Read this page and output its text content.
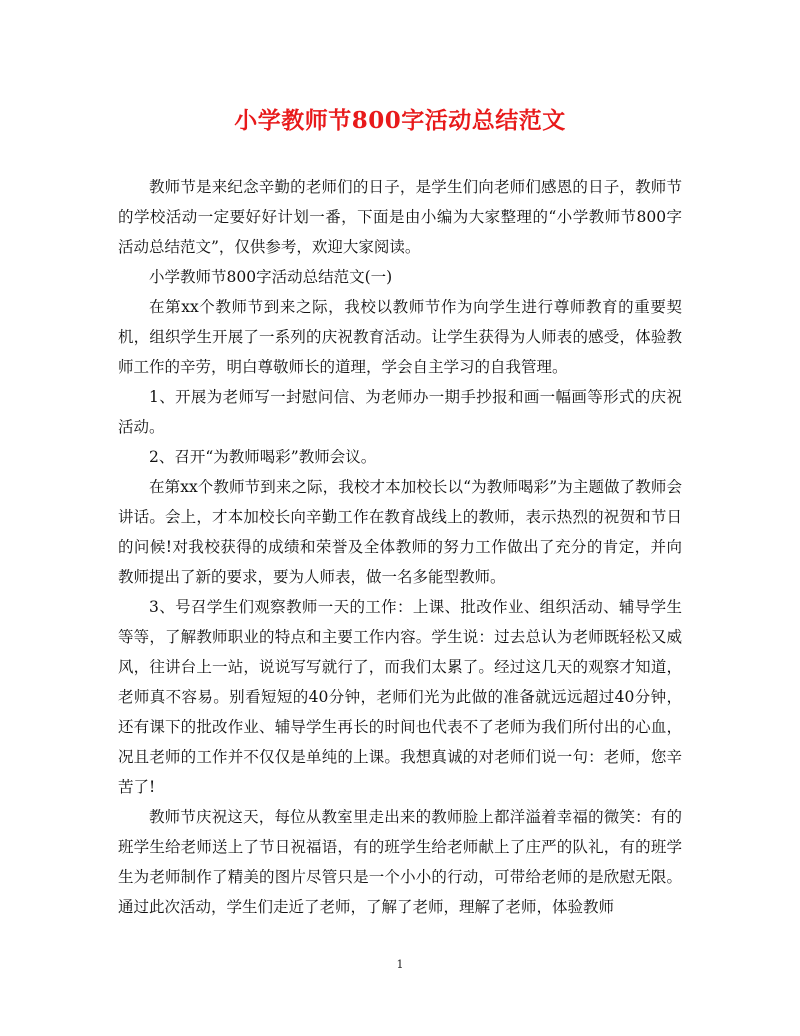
小学教师节800字活动总结范文

教师节是来纪念辛勤的老师们的日子，是学生们向老师们感恩的日子，教师节的学校活动一定要好好计划一番，下面是由小编为大家整理的“小学教师节800字活动总结范文”，仅供参考，欢迎大家阅读。

小学教师节800字活动总结范文(一)

在第xx个教师节到来之际，我校以教师节作为向学生进行尊师教育的重要契机，组织学生开展了一系列的庆祝教育活动。让学生获得为人师表的感受，体验教师工作的辛劳，明白尊敬师长的道理，学会自主学习的自我管理。

1、开展为老师写一封慰问信、为老师办一期手抄报和画一幅画等形式的庆祝活动。

2、召开“为教师喝彩”教师会议。

在第xx个教师节到来之际，我校才本加校长以“为教师喝彩”为主题做了教师会讲话。会上，才本加校长向辛勤工作在教育战线上的教师，表示热烈的祝贺和节日的问候!对我校获得的成绩和荣誉及全体教师的努力工作做出了充分的肯定，并向教师提出了新的要求，要为人师表，做一名多能型教师。

3、号召学生们观察教师一天的工作：上课、批改作业、组织活动、辅导学生等等，了解教师职业的特点和主要工作内容。学生说：过去总认为老师既轻松又威风，往讲台上一站，说说写写就行了，而我们太累了。经过这几天的观察才知道，老师真不容易。别看短短的40分钟，老师们光为此做的准备就远远超过40分钟，还有课下的批改作业、辅导学生再长的时间也代表不了老师为我们所付出的心血，况且老师的工作并不仅仅是单纯的上课。我想真诚的对老师们说一句：老师，您辛苦了!

教师节庆祝这天，每位从教室里走出来的教师脸上都洋溢着幸福的微笑：有的班学生给老师送上了节日祝福语，有的班学生给老师献上了庄严的队礼，有的班学生为老师制作了精美的图片尽管只是一个小小的行动，可带给老师的是欣慰无限。通过此次活动，学生们走近了老师，了解了老师，理解了老师，体验教师

1
